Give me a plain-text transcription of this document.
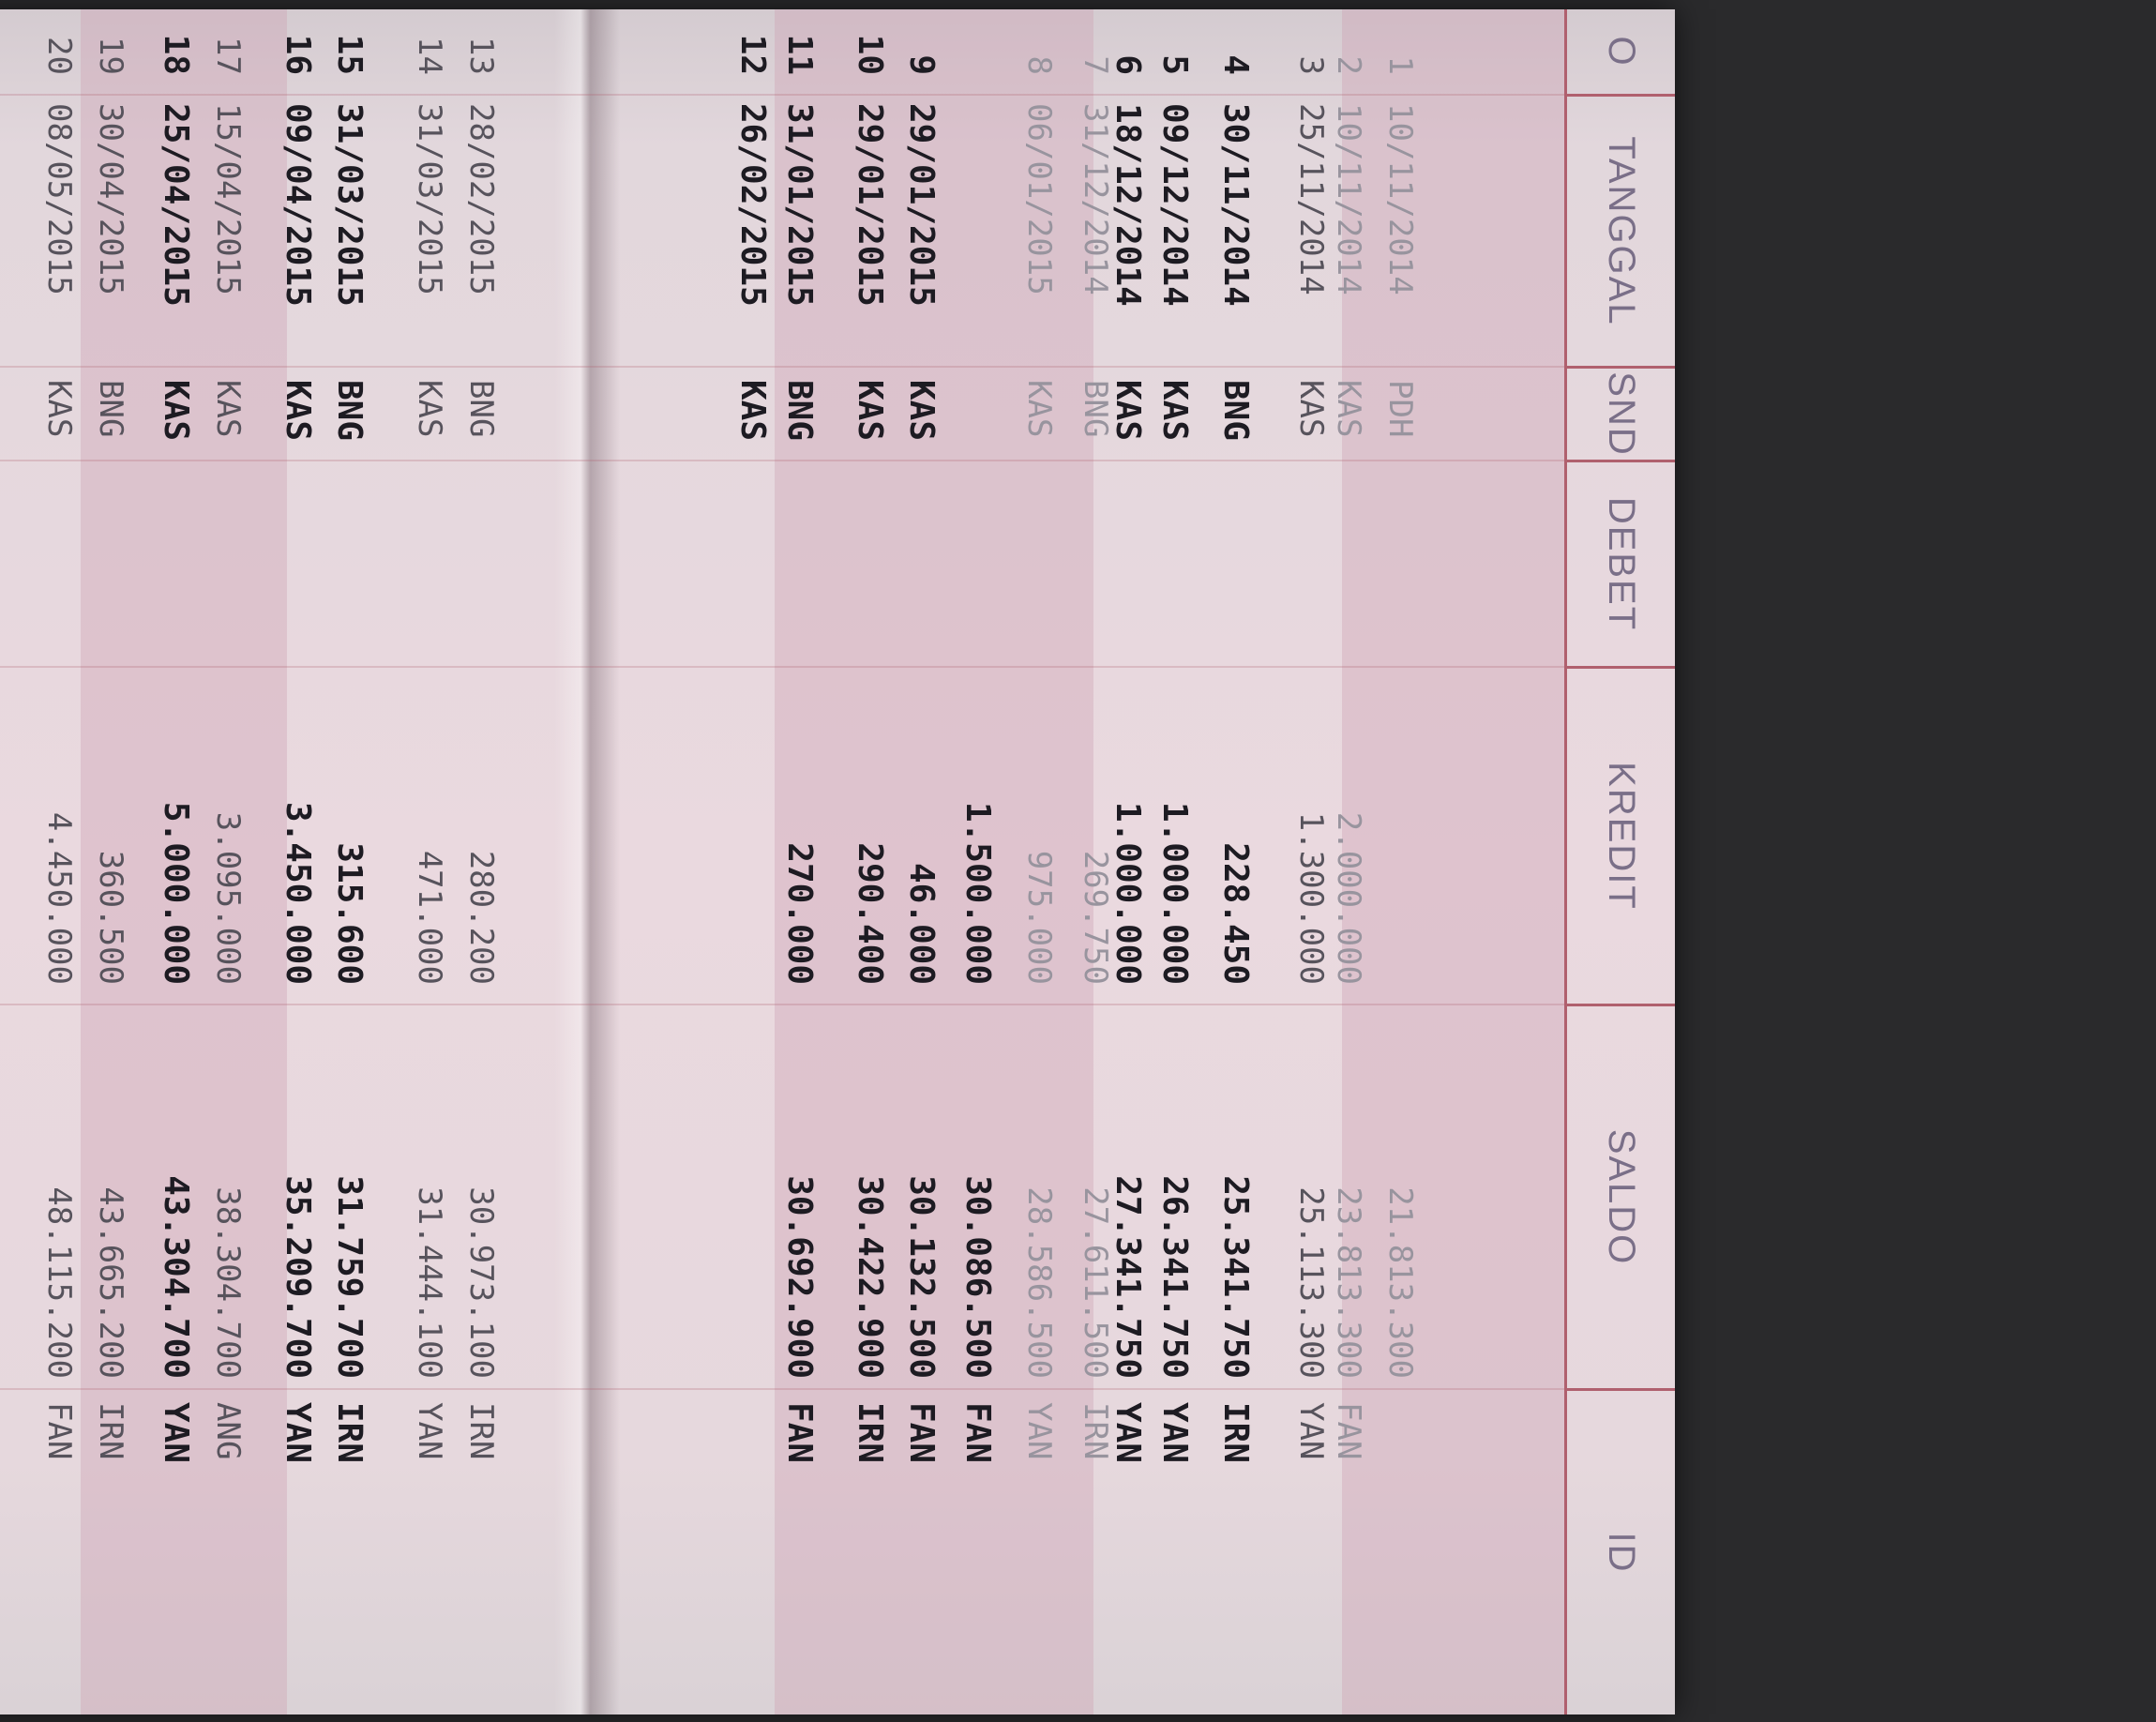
O
TANGGAL
SND
DEBET
KREDIT
SALDO
ID
1
10/11/2014
PDH
21.813.300
2
10/11/2014
KAS
2.000.000
23.813.300
FAN
3
25/11/2014
KAS
1.300.000
25.113.300
YAN
4
30/11/2014
BNG
228.450
25.341.750
IRN
5
09/12/2014
KAS
1.000.000
26.341.750
YAN
6
18/12/2014
KAS
1.000.000
27.341.750
YAN
7
31/12/2014
BNG
269.750
27.611.500
IRN
8
06/01/2015
KAS
975.000
28.586.500
YAN
1.500.000
30.086.500
FAN
9
29/01/2015
KAS
46.000
30.132.500
FAN
10
29/01/2015
KAS
290.400
30.422.900
IRN
11
31/01/2015
BNG
270.000
30.692.900
FAN
12
26/02/2015
KAS
13
28/02/2015
BNG
280.200
30.973.100
IRN
14
31/03/2015
KAS
471.000
31.444.100
YAN
15
31/03/2015
BNG
315.600
31.759.700
IRN
16
09/04/2015
KAS
3.450.000
35.209.700
YAN
17
15/04/2015
KAS
3.095.000
38.304.700
ANG
18
25/04/2015
KAS
5.000.000
43.304.700
YAN
19
30/04/2015
BNG
360.500
43.665.200
IRN
20
08/05/2015
KAS
4.450.000
48.115.200
FAN
